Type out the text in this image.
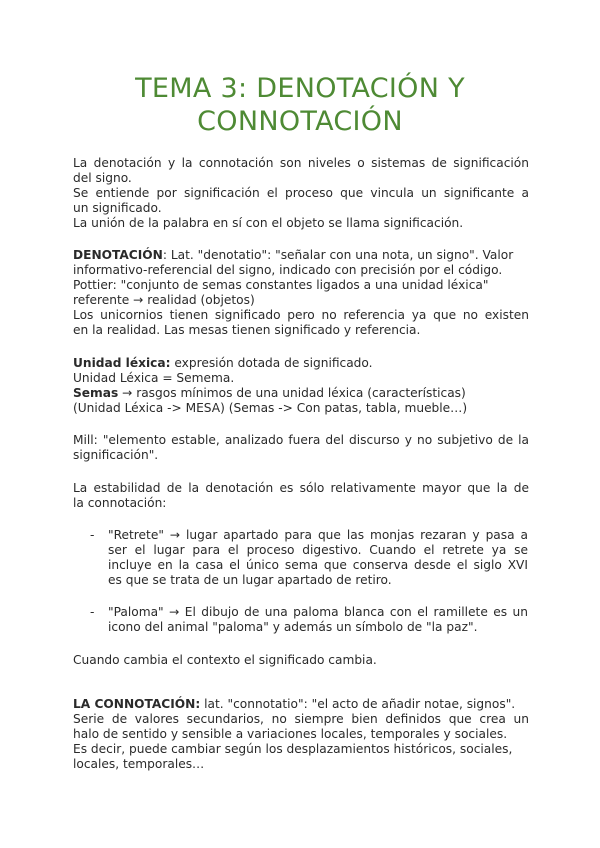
TEMA 3: DENOTACIÓN Y
CONNOTACIÓN
La denotación y la connotación son niveles o sistemas de significación
del signo.
Se entiende por significación el proceso que vincula un significante a
un significado.
La unión de la palabra en sí con el objeto se llama significación.
DENOTACIÓN: Lat. "denotatio": "señalar con una nota, un signo". Valor
informativo-referencial del signo, indicado con precisión por el código.
Pottier: "conjunto de semas constantes ligados a una unidad léxica"
referente → realidad (objetos)
Los unicornios tienen significado pero no referencia ya que no existen
en la realidad. Las mesas tienen significado y referencia.
Unidad léxica: expresión dotada de significado.
Unidad Léxica = Semema.
Semas → rasgos mínimos de una unidad léxica (características)
(Unidad Léxica -> MESA) (Semas -> Con patas, tabla, mueble…)
Mill: "elemento estable, analizado fuera del discurso y no subjetivo de la
significación".
La estabilidad de la denotación es sólo relativamente mayor que la de
la connotación:
- "Retrete" → lugar apartado para que las monjas rezaran y pasa a
ser el lugar para el proceso digestivo. Cuando el retrete ya se
incluye en la casa el único sema que conserva desde el siglo XVI
es que se trata de un lugar apartado de retiro.
- "Paloma" → El dibujo de una paloma blanca con el ramillete es un
icono del animal "paloma" y además un símbolo de "la paz".
Cuando cambia el contexto el significado cambia.
LA CONNOTACIÓN: lat. "connotatio": "el acto de añadir notae, signos".
Serie de valores secundarios, no siempre bien definidos que crea un
halo de sentido y sensible a variaciones locales, temporales y sociales.
Es decir, puede cambiar según los desplazamientos históricos, sociales,
locales, temporales…
